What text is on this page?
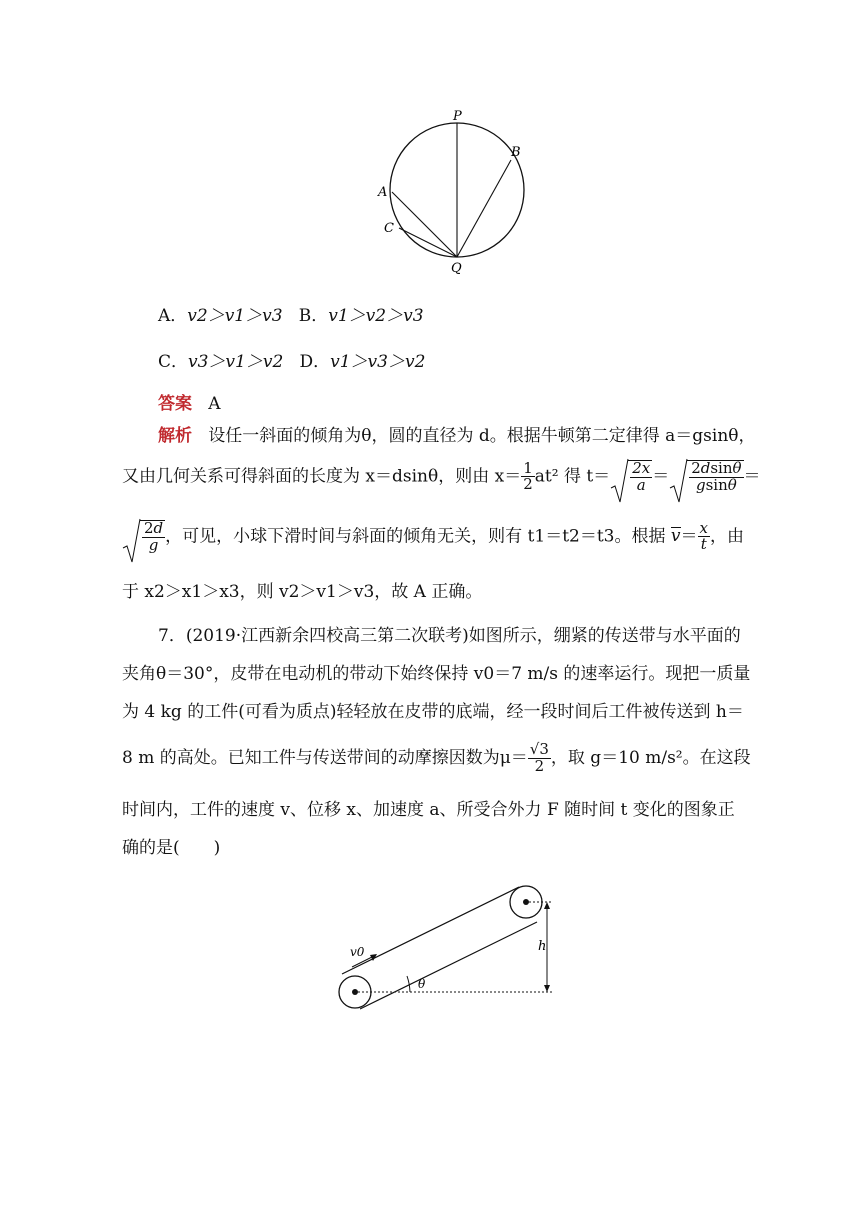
P
B
A
C
Q
A．v2＞v1＞v3 B．v1＞v2＞v3
C．v3＞v1＞v2 D．v1＞v3＞v2
答案 A
解析 设任一斜面的倾角为θ，圆的直径为 d。根据牛顿第二定律得 a＝gsinθ，
又由几何关系可得斜面的长度为 x＝dsinθ，则由 $x= \frac{1}{2} at^2$ 得 $t= \frac{2x}{a} = \frac{2dsin\theta}{gsin\theta}$ ＝
$\frac{2d}{g}$ ，可见，小球下滑时间与斜面的倾角无关，则有 t1＝t2＝t3。根据 $v= \frac{x}{t}$ ，由
于 x2＞x1＞x3，则 v2＞v1＞v3，故 A 正确。
7．(2019·江西新余四校高三第二次联考)如图所示，绷紧的传送带与水平面的
夹角θ＝30°，皮带在电动机的带动下始终保持 v0＝7 m/s 的速率运行。现把一质量
为 4 kg 的工件(可看为质点)轻轻放在皮带的底端，经一段时间后工件被传送到 h＝
8 m 的高处。已知工件与传送带间的动摩擦因数为$\mu= \frac{√3}{2}$ ，取 g＝10 m/s²。在这段
时间内，工件的速度 v、位移 x、加速度 a、所受合外力 F 随时间 t 变化的图象正
确的是(　　)
v0
θ
h
